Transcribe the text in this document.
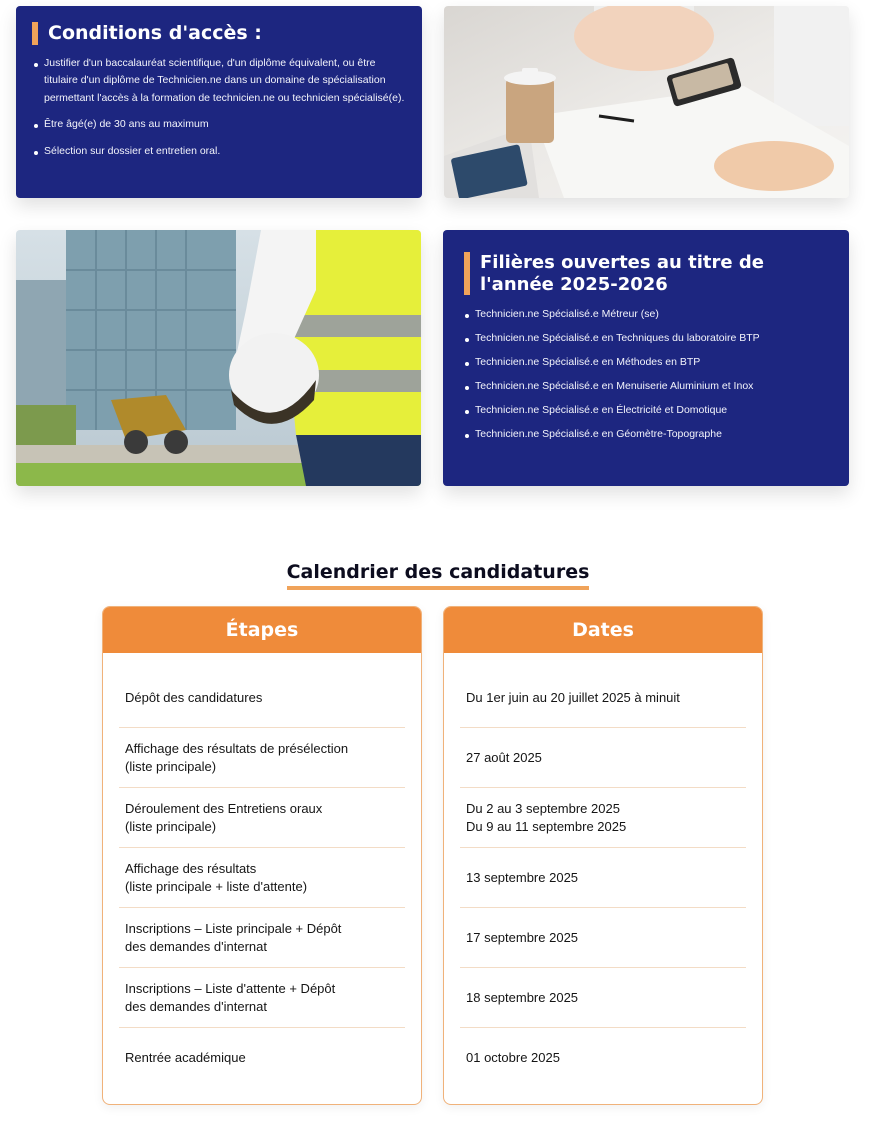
Conditions d'accès :
Justifier d'un baccalauréat scientifique, d'un diplôme équivalent, ou être titulaire d'un diplôme de Technicien.ne dans un domaine de spécialisation permettant l'accès à la formation de technicien.ne ou technicien spécialisé(e).
Être âgé(e) de 30 ans au maximum
Sélection sur dossier et entretien oral.
Filières ouvertes au titre de l'année 2025-2026
Technicien.ne Spécialisé.e Métreur (se)
Technicien.ne Spécialisé.e en Techniques du laboratoire BTP
Technicien.ne Spécialisé.e en Méthodes en BTP
Technicien.ne Spécialisé.e en Menuiserie Aluminium et Inox
Technicien.ne Spécialisé.e en Électricité et Domotique
Technicien.ne Spécialisé.e en Géomètre-Topographe
Calendrier des candidatures
Étapes
Dépôt des candidatures
Affichage des résultats de présélection
(liste principale)
Déroulement des Entretiens oraux
(liste principale)
Affichage des résultats
(liste principale + liste d'attente)
Inscriptions – Liste principale + Dépôt
des demandes d'internat
Inscriptions – Liste d'attente + Dépôt
des demandes d'internat
Rentrée académique
Dates
Du 1er juin au 20 juillet 2025 à minuit
27 août 2025
Du 2 au 3 septembre 2025
Du 9 au 11 septembre 2025
13 septembre 2025
17 septembre 2025
18 septembre 2025
01 octobre 2025
